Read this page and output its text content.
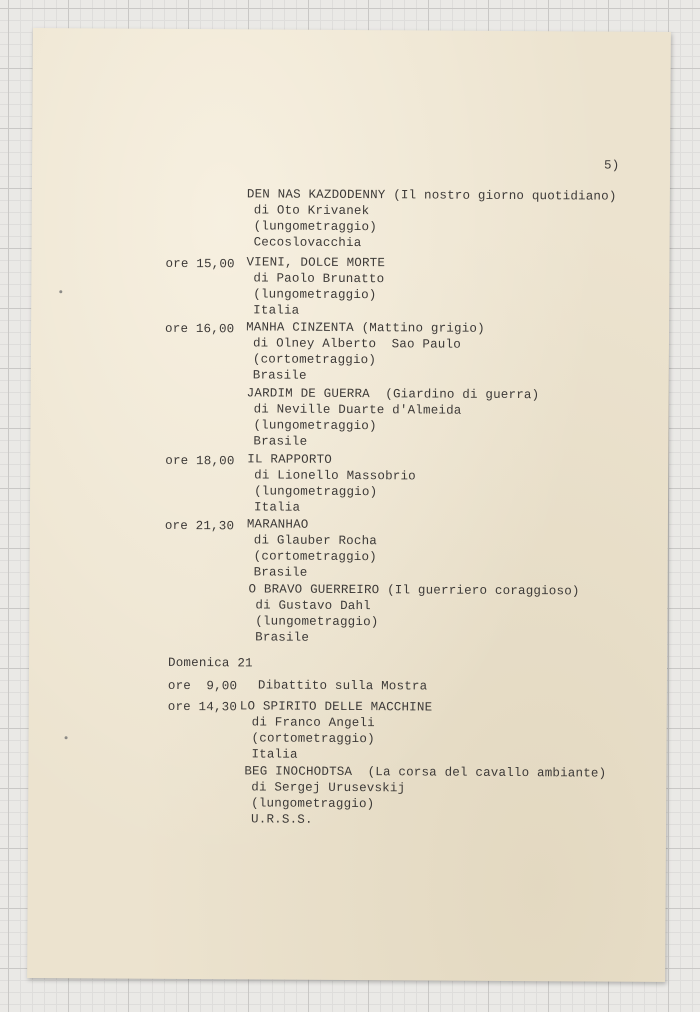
5)
DEN NAS KAZDODENNY (Il nostro giorno quotidiano)
di Oto Krivanek
(lungometraggio)
Cecoslovacchia
ore 15,00 VIENI, DOLCE MORTE
di Paolo Brunatto
(lungometraggio)
Italia
ore 16,00 MANHA CINZENTA (Mattino grigio)
di Olney Alberto  Sao Paulo
(cortometraggio)
Brasile
JARDIM DE GUERRA  (Giardino di guerra)
di Neville Duarte d'Almeida
(lungometraggio)
Brasile
ore 18,00 IL RAPPORTO
di Lionello Massobrio
(lungometraggio)
Italia
ore 21,30 MARANHAO
di Glauber Rocha
(cortometraggio)
Brasile
O BRAVO GUERREIRO (Il guerriero coraggioso)
di Gustavo Dahl
(lungometraggio)
Brasile
Domenica 21
ore  9,00 Dibattito sulla Mostra
ore 14,30 LO SPIRITO DELLE MACCHINE
di Franco Angeli
(cortometraggio)
Italia
BEG INOCHODTSA  (La corsa del cavallo ambiante)
di Sergej Urusevskij
(lungometraggio)
U.R.S.S.
